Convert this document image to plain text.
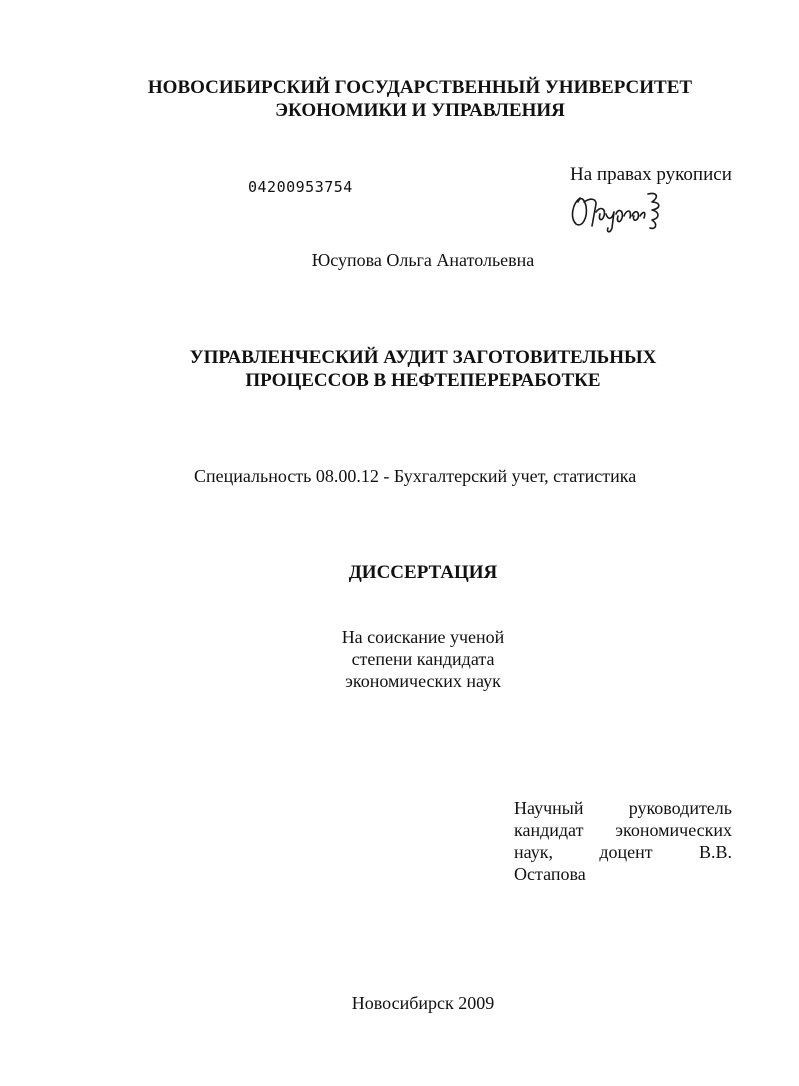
НОВОСИБИРСКИЙ ГОСУДАРСТВЕННЫЙ УНИВЕРСИТЕТ
ЭКОНОМИКИ И УПРАВЛЕНИЯ
04200953754
На правах рукописи
Юсупова Ольга Анатольевна
УПРАВЛЕНЧЕСКИЙ АУДИТ ЗАГОТОВИТЕЛЬНЫХ
ПРОЦЕССОВ В НЕФТЕПЕРЕРАБОТКЕ
Специальность 08.00.12 - Бухгалтерский учет, статистика
ДИССЕРТАЦИЯ
На соискание ученой
степени кандидата
экономических наук
Научный	руководитель
кандидат экономических
наук,	доцент	В.В.
Остапова
Новосибирск 2009
